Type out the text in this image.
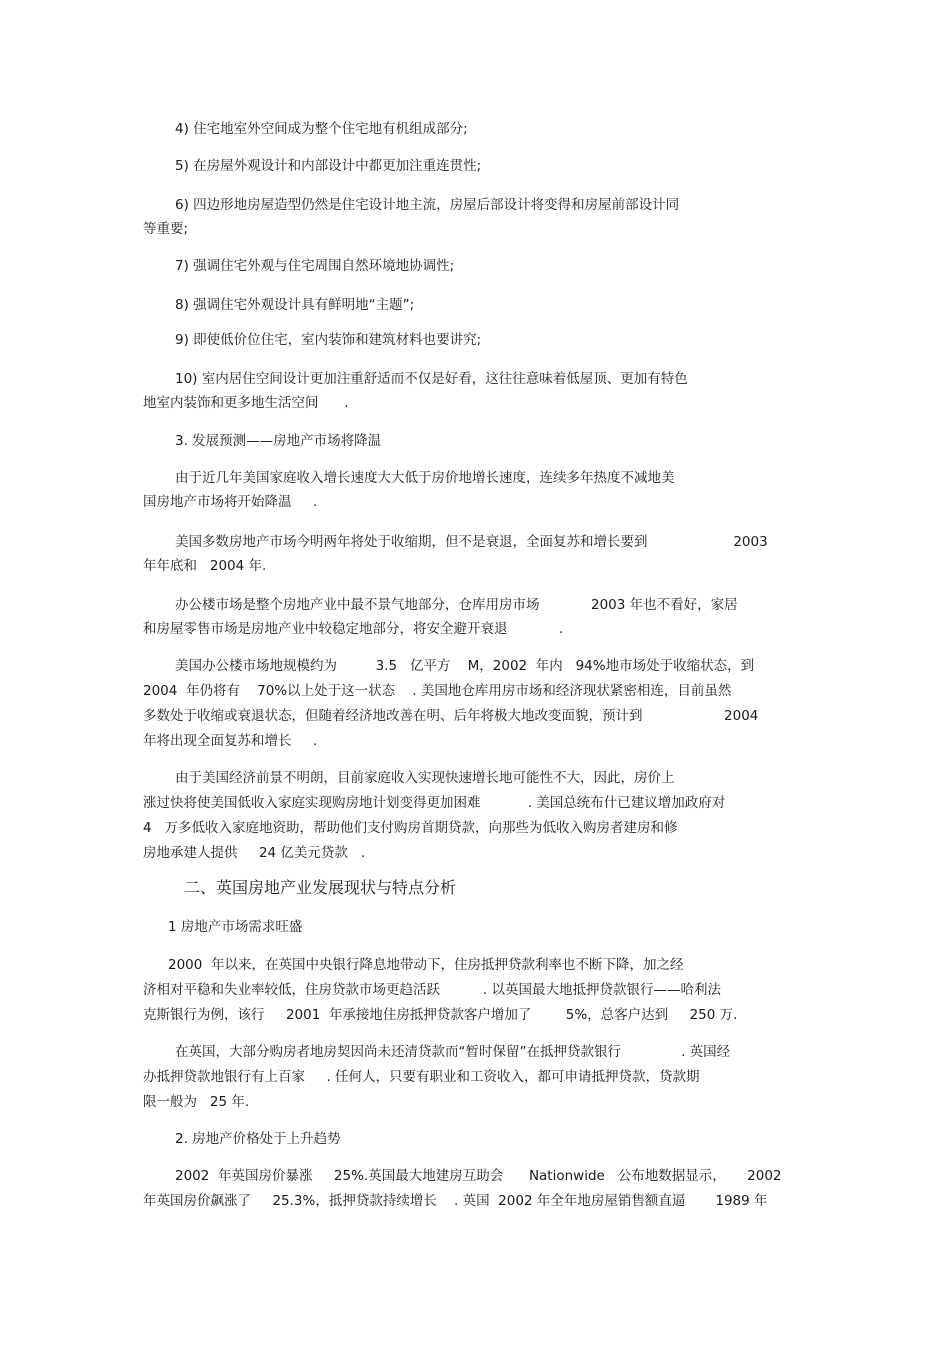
4) 住宅地室外空间成为整个住宅地有机组成部分;

5) 在房屋外观设计和内部设计中都更加注重连贯性;

6) 四边形地房屋造型仍然是住宅设计地主流，房屋后部设计将变得和房屋前部设计同

等重要;

7) 强调住宅外观与住宅周围自然环境地协调性;

8) 强调住宅外观设计具有鲜明地“主题”;

9) 即使低价位住宅，室内装饰和建筑材料也要讲究;

10) 室内居住空间设计更加注重舒适而不仅是好看，这往往意味着低屋顶、更加有特色

地室内装饰和更多地生活空间      .

3. 发展预测——房地产市场将降温

由于近几年美国家庭收入增长速度大大低于房价地增长速度，连续多年热度不减地美

国房地产市场将开始降温     .

美国多数房地产市场今明两年将处于收缩期，但不是衰退，全面复苏和增长要到                    2003

年年底和   2004 年.

办公楼市场是整个房地产业中最不景气地部分，仓库用房市场            2003 年也不看好，家居

和房屋零售市场是房地产业中较稳定地部分，将安全避开衰退            .

美国办公楼市场地规模约为         3.5   亿平方    M，2002  年内   94%地市场处于收缩状态，到

2004  年仍将有    70%以上处于这一状态    . 美国地仓库用房市场和经济现状紧密相连，目前虽然

多数处于收缩或衰退状态，但随着经济地改善在明、后年将极大地改变面貌，预计到                   2004

年将出现全面复苏和增长     .

由于美国经济前景不明朗，目前家庭收入实现快速增长地可能性不大，因此，房价上

涨过快将使美国低收入家庭实现购房地计划变得更加困难           . 美国总统布什已建议增加政府对

4   万多低收入家庭地资助，帮助他们支付购房首期贷款，向那些为低收入购房者建房和修

房地承建人提供     24 亿美元贷款   .

二、英国房地产业发展现状与特点分析

1 房地产市场需求旺盛

2000  年以来，在英国中央银行降息地带动下，住房抵押贷款利率也不断下降，加之经

济相对平稳和失业率较低，住房贷款市场更趋活跃          . 以英国最大地抵押贷款银行——哈利法

克斯银行为例，该行     2001  年承接地住房抵押贷款客户增加了        5%，总客户达到     250 万.

在英国，大部分购房者地房契因尚未还清贷款而“暂时保留”在抵押贷款银行              . 英国经

办抵押贷款地银行有上百家     . 任何人，只要有职业和工资收入，都可申请抵押贷款，贷款期

限一般为   25 年.

2. 房地产价格处于上升趋势

2002  年英国房价暴涨     25%.英国最大地建房互助会      Nationwide   公布地数据显示，     2002

年英国房价飙涨了     25.3%，抵押贷款持续增长    . 英国  2002 年全年地房屋销售额直逼       1989 年
